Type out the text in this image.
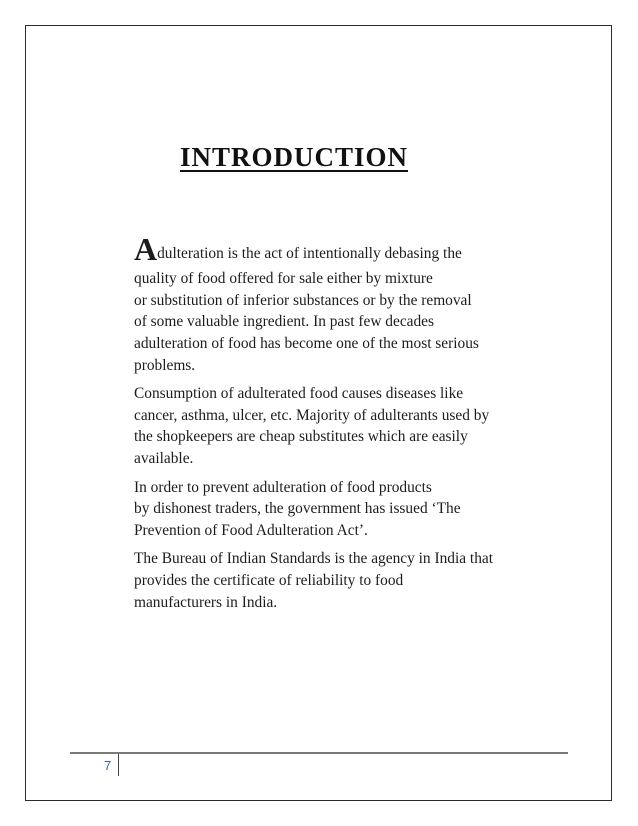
INTRODUCTION

Adulteration is the act of intentionally debasing the
quality of food offered for sale either by mixture
or substitution of inferior substances or by the removal
of some valuable ingredient. In past few decades
adulteration of food has become one of the most serious
problems.

Consumption of adulterated food causes diseases like
cancer, asthma, ulcer, etc. Majority of adulterants used by
the shopkeepers are cheap substitutes which are easily
available.

In order to prevent adulteration of food products
by dishonest traders, the government has issued ‘The
Prevention of Food Adulteration Act’.

The Bureau of Indian Standards is the agency in India that
provides the certificate of reliability to food
manufacturers in India.

7
